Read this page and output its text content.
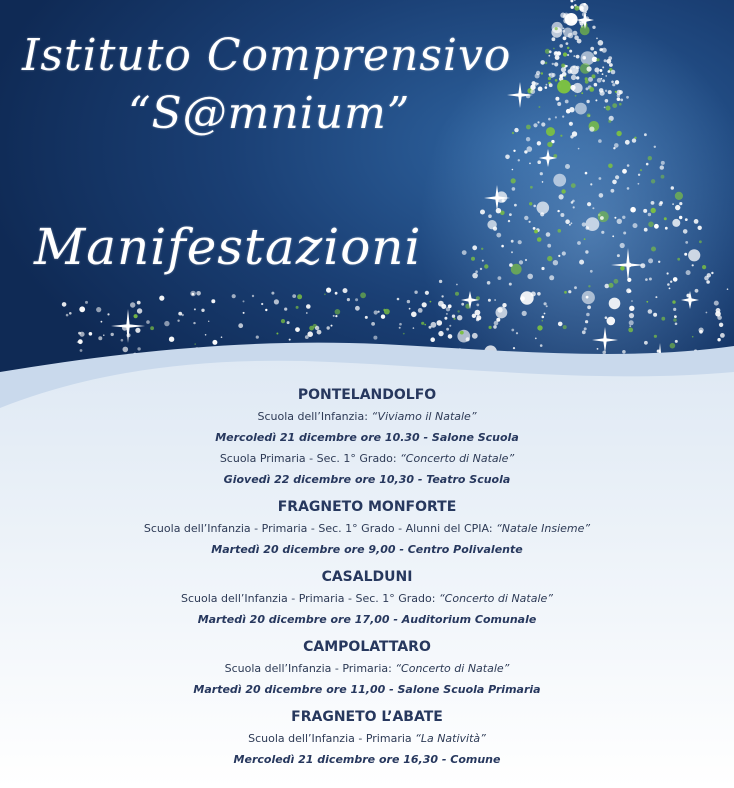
Istituto Comprensivo
“S@mnium”
Manifestazioni

PONTELANDOLFO

Scuola dell’Infanzia: “Viviamo il Natale”

Mercoledì 21 dicembre ore 10.30 - Salone Scuola

Scuola Primaria - Sec. 1° Grado: “Concerto di Natale”

Giovedì 22 dicembre ore 10,30 - Teatro Scuola

FRAGNETO MONFORTE

Scuola dell’Infanzia - Primaria - Sec. 1° Grado - Alunni del CPIA: “Natale Insieme”

Martedì 20 dicembre ore 9,00 - Centro Polivalente

CASALDUNI

Scuola dell’Infanzia - Primaria - Sec. 1° Grado: “Concerto di Natale”

Martedì 20 dicembre ore 17,00 - Auditorium Comunale

CAMPOLATTARO

Scuola dell’Infanzia - Primaria: “Concerto di Natale”

Martedì 20 dicembre ore 11,00 - Salone Scuola Primaria

FRAGNETO L’ABATE

Scuola dell’Infanzia - Primaria “La Natività”

Mercoledì 21 dicembre ore 16,30 - Comune
